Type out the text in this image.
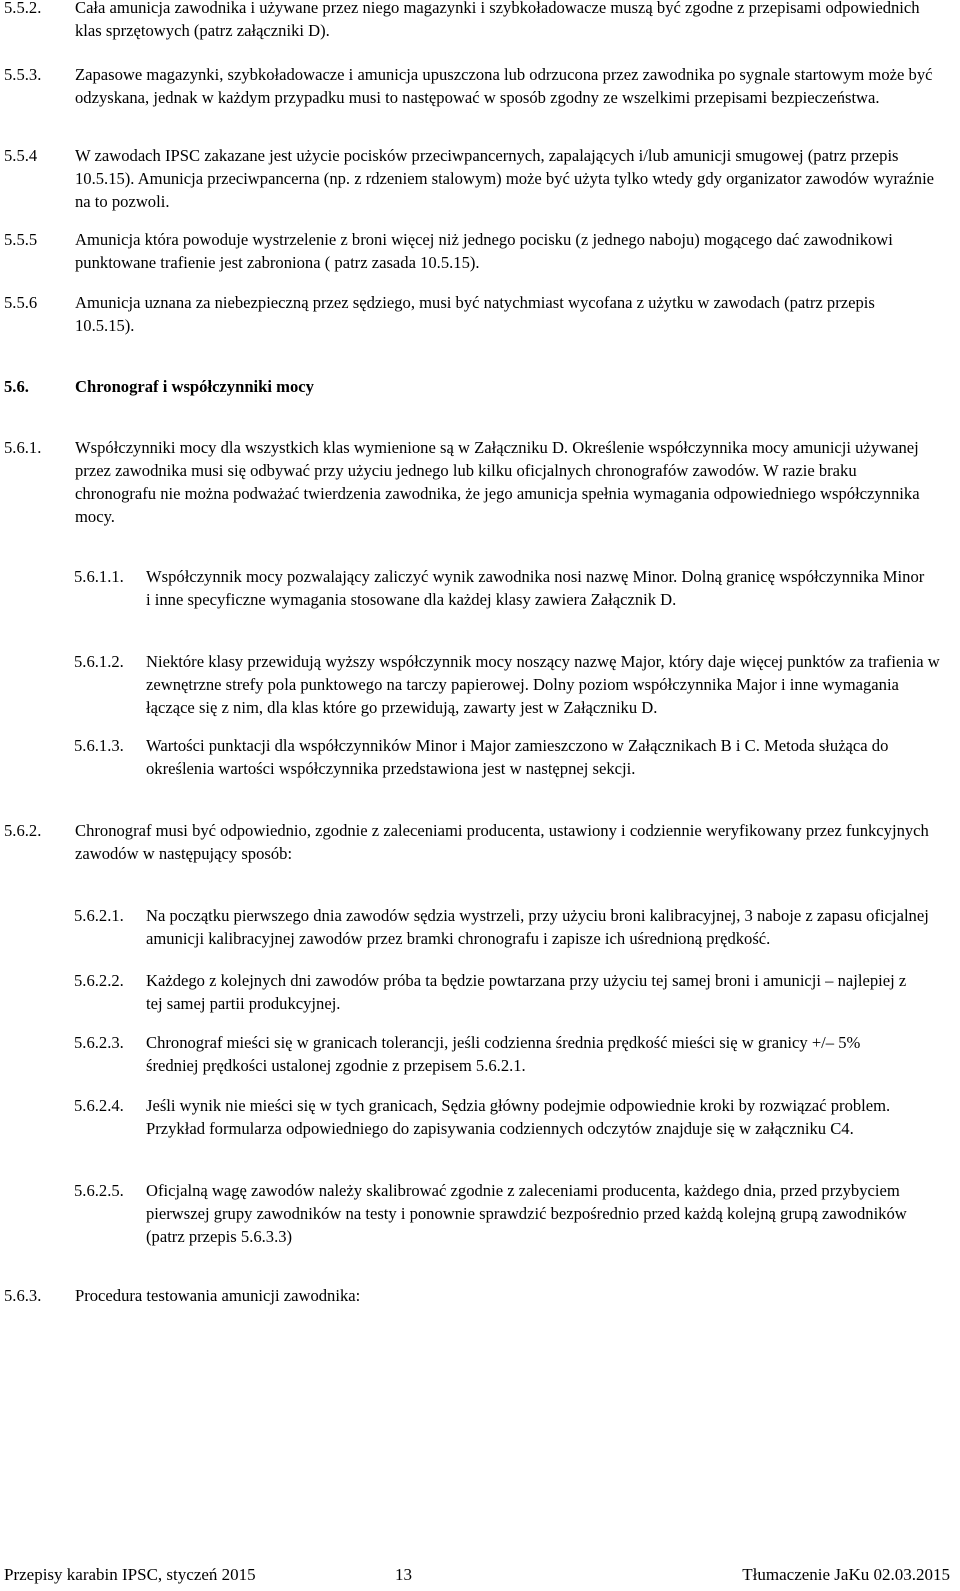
5.5.2. Cała amunicja zawodnika i używane przez niego magazynki i szybkoładowacze muszą być zgodne z przepisami odpowiednich klas sprzętowych (patrz załączniki D).

5.5.3. Zapasowe magazynki, szybkoładowacze i amunicja upuszczona lub odrzucona przez zawodnika po sygnale startowym może być odzyskana, jednak w każdym przypadku musi to następować w sposób zgodny ze wszelkimi przepisami bezpieczeństwa.

5.5.4 W zawodach IPSC zakazane jest użycie pocisków przeciwpancernych, zapalających i/lub amunicji smugowej (patrz przepis 10.5.15). Amunicja przeciwpancerna (np. z rdzeniem stalowym) może być użyta tylko wtedy gdy organizator zawodów wyraźnie na to pozwoli.

5.5.5 Amunicja która powoduje wystrzelenie z broni więcej niż jednego pocisku (z jednego naboju) mogącego dać zawodnikowi punktowane trafienie jest zabroniona ( patrz zasada 10.5.15).

5.5.6 Amunicja uznana za niebezpieczną przez sędziego, musi być natychmiast wycofana z użytku w zawodach (patrz przepis 10.5.15).

5.6.	Chronograf i współczynniki mocy

5.6.1. Współczynniki mocy dla wszystkich klas wymienione są w Załączniku D. Określenie współczynnika mocy amunicji używanej przez zawodnika musi się odbywać przy użyciu jednego lub kilku oficjalnych chronografów zawodów. W razie braku chronografu nie można podważać twierdzenia zawodnika, że jego amunicja spełnia wymagania odpowiedniego współczynnika mocy.

5.6.1.1. Współczynnik mocy pozwalający zaliczyć wynik zawodnika nosi nazwę Minor. Dolną granicę współczynnika Minor i inne specyficzne wymagania stosowane dla każdej klasy zawiera Załącznik D.

5.6.1.2. Niektóre klasy przewidują wyższy współczynnik mocy noszący nazwę Major, który daje więcej punktów za trafienia w zewnętrzne strefy pola punktowego na tarczy papierowej. Dolny poziom współczynnika Major i inne wymagania łączące się z nim, dla klas które go przewidują, zawarty jest w Załączniku D.

5.6.1.3. Wartości punktacji dla współczynników Minor i Major zamieszczono w Załącznikach B i C. Metoda służąca do określenia wartości współczynnika przedstawiona jest w następnej sekcji.

5.6.2. Chronograf musi być odpowiednio, zgodnie z zaleceniami producenta, ustawiony i codziennie weryfikowany przez funkcyjnych zawodów w następujący sposób:

5.6.2.1. Na początku pierwszego dnia zawodów sędzia wystrzeli, przy użyciu broni kalibracyjnej, 3 naboje z zapasu oficjalnej amunicji kalibracyjnej zawodów przez bramki chronografu i zapisze ich uśrednioną prędkość.

5.6.2.2. Każdego z kolejnych dni zawodów próba ta będzie powtarzana przy użyciu tej samej broni i amunicji – najlepiej z tej samej partii produkcyjnej.

5.6.2.3. Chronograf mieści się w granicach tolerancji, jeśli codzienna średnia prędkość mieści się w granicy +/– 5% średniej prędkości ustalonej zgodnie z przepisem 5.6.2.1.

5.6.2.4. Jeśli wynik nie mieści się w tych granicach, Sędzia główny podejmie odpowiednie kroki by rozwiązać problem. Przykład formularza odpowiedniego do zapisywania codziennych odczytów znajduje się w załączniku C4.

5.6.2.5. Oficjalną wagę zawodów należy skalibrować zgodnie z zaleceniami producenta, każdego dnia, przed przybyciem pierwszej grupy zawodników na testy i ponownie sprawdzić bezpośrednio przed każdą kolejną grupą zawodników (patrz przepis 5.6.3.3)

5.6.3. Procedura testowania amunicji zawodnika:

Przepisy karabin IPSC, styczeń 2015	13	Tłumaczenie JaKu 02.03.2015
